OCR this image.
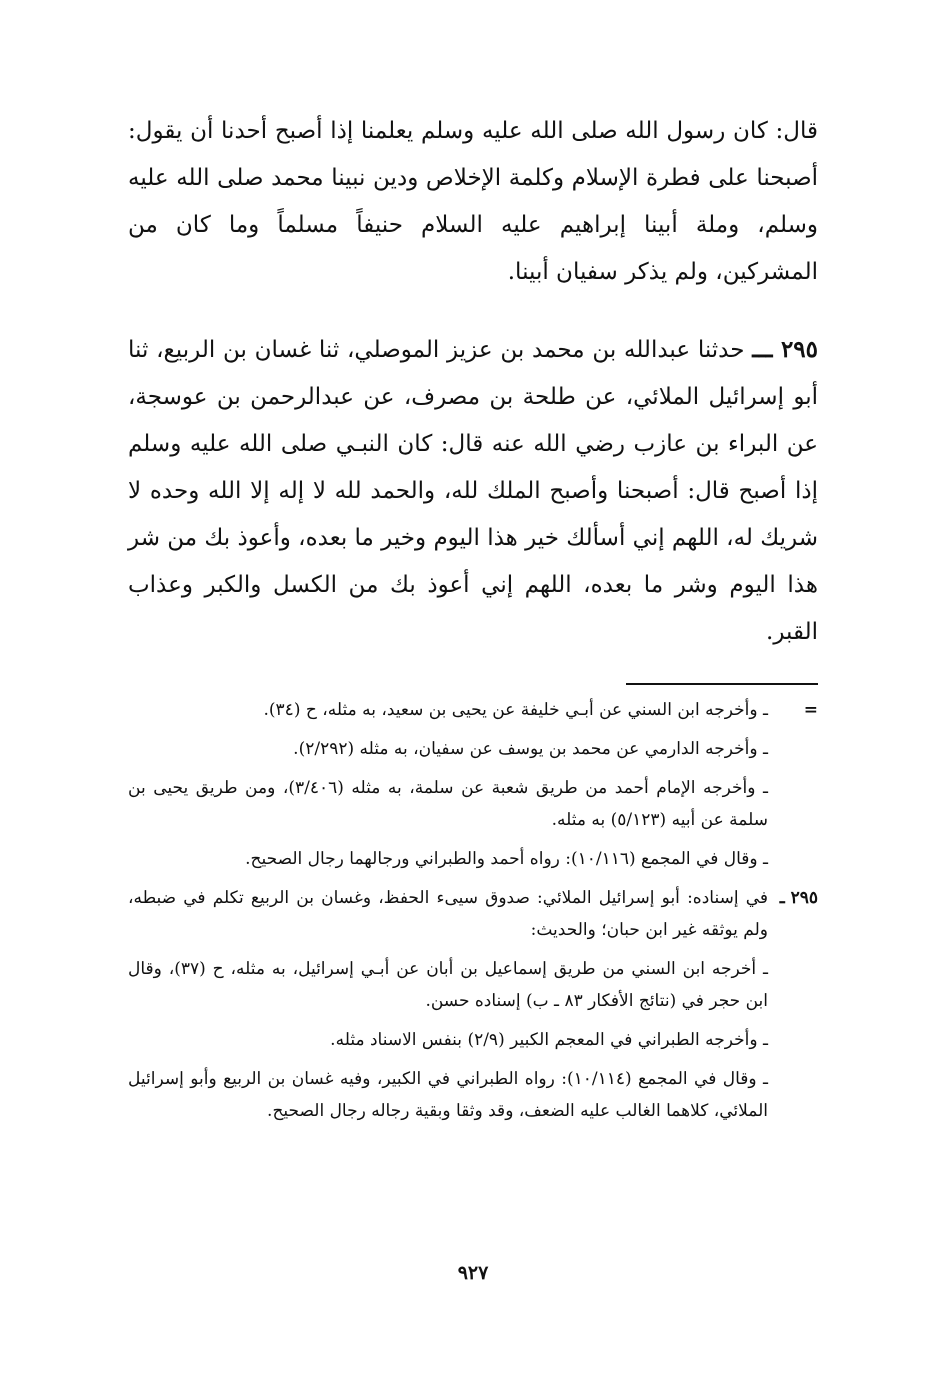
قال: كان رسول الله صلى الله عليه وسلم يعلمنا إذا أصبح أحدنا أن يقول: أصبحنا على فطرة الإسلام وكلمة الإخلاص ودين نبينا محمد صلى الله عليه وسلم، وملة أبينا إبراهيم عليه السلام حنيفاً مسلماً وما كان من المشركين، ولم يذكر سفيان أبينا.

٢٩٥ ـــ حدثنا عبدالله بن محمد بن عزيز الموصلي، ثنا غسان بن الربيع، ثنا أبو إسرائيل الملائي، عن طلحة بن مصرف، عن عبدالرحمن بن عوسجة، عن البراء بن عازب رضي الله عنه قال: كان النبـي صلى الله عليه وسلم إذا أصبح قال: أصبحنا وأصبح الملك لله، والحمد لله لا إله إلا الله وحده لا شريك له، اللهم إني أسألك خير هذا اليوم وخير ما بعده، وأعوذ بك من شر هذا اليوم وشر ما بعده، اللهم إني أعوذ بك من الكسل والكبر وعذاب القبر.

=
ـ وأخرجه ابن السني عن أبـي خليفة عن يحيى بن سعيد، به مثله، ح (٣٤).
ـ وأخرجه الدارمي عن محمد بن يوسف عن سفيان، به مثله (٢/٢٩٢).
ـ وأخرجه الإمام أحمد من طريق شعبة عن سلمة، به مثله (٣/٤٠٦)، ومن طريق يحيى بن سلمة عن أبيه (٥/١٢٣) به مثله.
ـ وقال في المجمع (١٠/١١٦): رواه أحمد والطبراني ورجالهما رجال الصحيح.
٢٩٥ ـ
في إسناده: أبو إسرائيل الملائي: صدوق سيىء الحفظ، وغسان بن الربيع تكلم في ضبطه، ولم يوثقه غير ابن حبان؛ والحديث:
ـ أخرجه ابن السني من طريق إسماعيل بن أبان عن أبـي إسرائيل، به مثله، ح (٣٧)، وقال ابن حجر في (نتائج الأفكار ٨٣ ـ ب) إسناده حسن.
ـ وأخرجه الطبراني في المعجم الكبير (٢/٩) بنفس الاسناد مثله.
ـ وقال في المجمع (١٠/١١٤): رواه الطبراني في الكبير، وفيه غسان بن الربيع وأبو إسرائيل الملائي، كلاهما الغالب عليه الضعف، وقد وثقا وبقية رجاله رجال الصحيح.
٩٢٧
